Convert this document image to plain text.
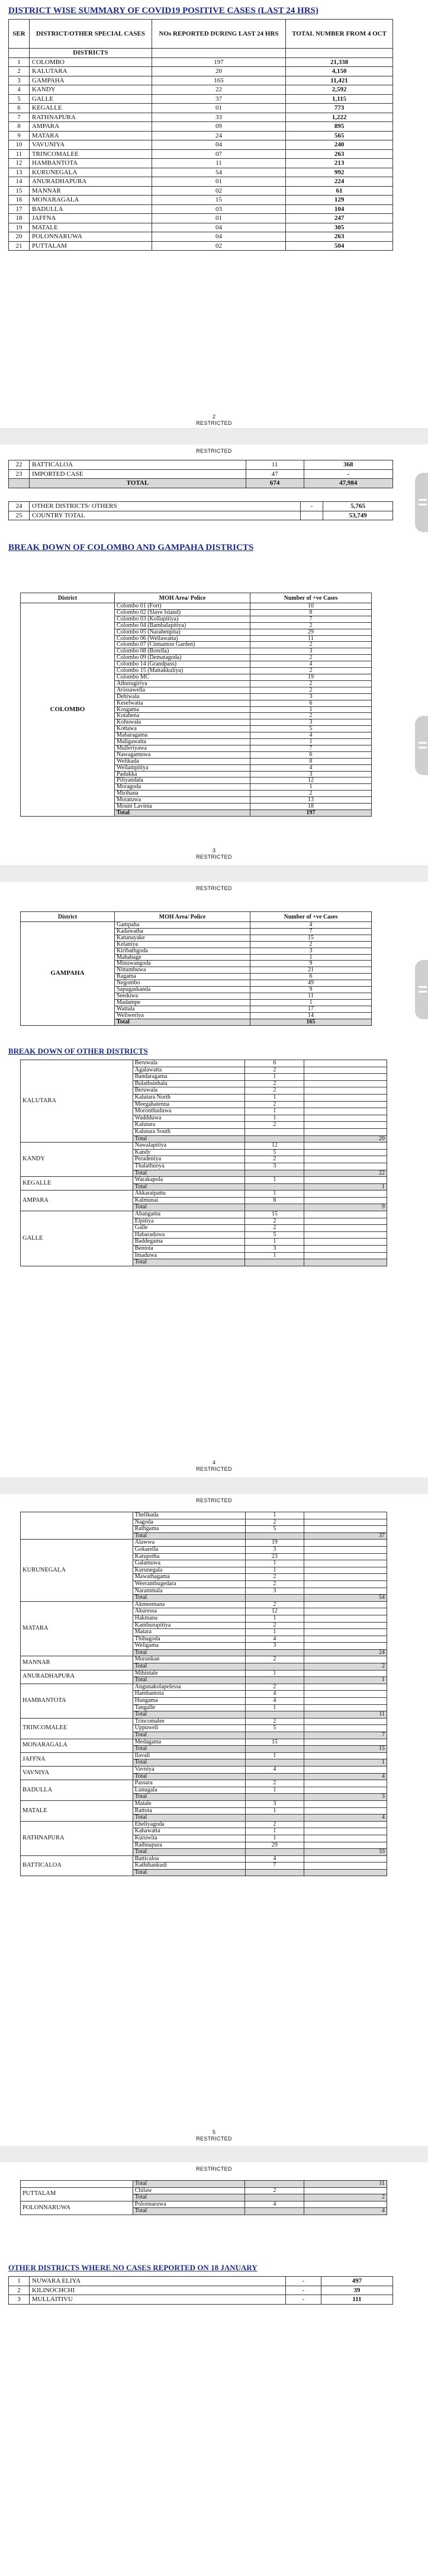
DISTRICT WISE SUMMARY OF COVID19 POSITIVE CASES (LAST 24 HRS)
SER	DISTRICT/OTHER SPECIAL CASES	NOs REPORTED DURING LAST 24 HRS	TOTAL NUMBER FROM 4 OCT
	DISTRICTS		
1	COLOMBO	197	21,338
2	KALUTARA	20	4,150
3	GAMPAHA	165	11,421
4	KANDY	22	2,592
5	GALLE	37	1,115
6	KEGALLE	01	773
7	RATHNAPURA	33	1,222
8	AMPARA	09	895
9	MATARA	24	565
10	VAVUNIYA	04	240
11	TRINCOMALEE	07	263
12	HAMBANTOTA	11	213
13	KURUNEGALA	54	992
14	ANURADHAPURA	01	224
15	MANNAR	02	61
16	MONARAGALA	15	129
17	BADULLA	03	104
18	JAFFNA	01	247
19	MATALE	04	305
20	POLONNARUWA	04	263
21	PUTTALAM	02	504
2
RESTRICTED
RESTRICTED
22	BATTICALOA	11	368
23	IMPORTED CASE	47	-
	TOTAL	674	47,984
24	OTHER DISTRICTS/ OTHERS	-	5,765
25	COUNTRY TOTAL		53,749
BREAK DOWN OF COLOMBO AND GAMPAHA DISTRICTS
District	MOH Area/ Police	Number of +ve Cases
COLOMBO	Colombo 01 (Fort)	10
	Colombo 02 (Slave Island)	8
	Colombo 03 (Kollupitiya)	7
	Colombo 04 (Bambalapitiya)	2
	Colombo 05 (Narahenpita)	29
	Colombo 06 (Wellawatta)	11
	Colombo 07 (Cinnamon Garden)	2
	Colombo 08 (Borella)	3
	Colombo 09 (Dematagoda)	2
	Colombo 14 (Grandpass)	4
	Colombo 15 (Mattakkuliya)	2
	Colombo MC	19
	Athurugiriya	2
	Avissawella	2
	Dehiwala	3
	Keselwatta	6
	Kosgama	1
	Kotahena	2
	Kohuwala	3
	Kottawa	5
	Maharagama	4
	Maligawatta	1
	Mulleriyawa	7
	Nawagamuwa	6
	Welikada	8
	Wellampitiya	4
	Padukka	3
	Piliyandala	12
	Moragoda	1
	Mirihana	2
	Moratuwa	13
	Mount Lavinia	18
	Total	197
3
RESTRICTED
RESTRICTED
District	MOH Area/ Police	Number of +ve Cases
GAMPAHA	Gampaha	4
	Kadawatha	7
	Katunayake	15
	Kelaniya	2
	Kiribathgoda	3
	Mahabage	1
	Minuwangoda	9
	Nittambuwa	21
	Ragama	6
	Negombo	49
	Sapugaskanda	9
	Seeduwa	11
	Madampe	1
	Wattala	17
	Weliweriya	14
	Total	165
BREAK DOWN OF OTHER DISTRICTS
KALUTARA	Beruwala	6	
	Agalawatta	2	
	Bandaragama	1	
	Bulathsinhala	2	
	Beruwala	2	
	Kalutara North	1	
	Meegahatenna	2	
	Moronthuduwa	1	
	Waddduwa	1	
	Kalutara	2	
	Kalutara South		
	Total		20
KANDY	Nawalapitiya	12	
	Kandy	5	
	Peradeniya	2	
	Thalathuoya	3	
	Total		22
KEGALLE	Warakapola	1	
	Total		1
AMPARA	Akkaraipattu	1	
	Kalmunai	8	
	Total		9
GALLE	Ahangama	15	
	Elpitiya	2	
	Galle	2	
	Habaraduwa	5	
	Baddegama	1	
	Bentota	3	
	Imaduwa	1	
	Total		
4
RESTRICTED
RESTRICTED
	Thelikada	1	
	Nagoda	2	
	Rathgama	5	
	Total		37
KURUNEGALA	Alawwa	19	
	Gokarella	3	
	Katupotha	23	
	Galamuwa	1	
	Kurunegala	1	
	Mawathagama	2	
	Weerambugedara	2	
	Narammala	3	
	Total		54
MATARA	Akmeemana	2	
	Akuressa	12	
	Hakmana	1	
	Kamburupitiya	2	
	Matara	1	
	Thihagoda	4	
	Weligama	3	
	Total		24
MANNAR	Murunkan	2	
	Total		2
ANURADHAPURA	Mihintale	1	
	Total		1
HAMBANTOTA	Angunakolapelessa	2	
	Hambantota	4	
	Hungama	4	
	Tangalle	1	
	Total		11
TRINCOMALEE	Trincomalee	2	
	Uppuweli	5	
	Total		7
MONARAGALA	Medagama	15	
	Total		15
JAFFNA	Ilavali	1	
	Total		1
VAVNIYA	Vavniya	4	
	Total		4
BADULLA	Passara	2	
	Lunugala	1	
	Total		3
MATALE	Matale	3	
	Rattota	1	
	Total		4
RATHNAPURA	Eheliyagoda	2	
	Kahawatta	1	
	Kuruwita	1	
	Rathnapura	29	
	Total		33
BATTICALOA	Batticaloa	4	
	Kaththankudi	7	
	Total		
5
RESTRICTED
RESTRICTED
	Total		11
PUTTALAM	Chilaw	2	
	Total		2
POLONNARUWA	Polonnaruwa	4	
	Total		4
OTHER DISTRICTS WHERE NO CASES REPORTED ON 18 JANUARY
1	NUWARA ELIYA	-	497
2	KILINOCHCHI	-	39
3	MULLAITIVU	-	111
